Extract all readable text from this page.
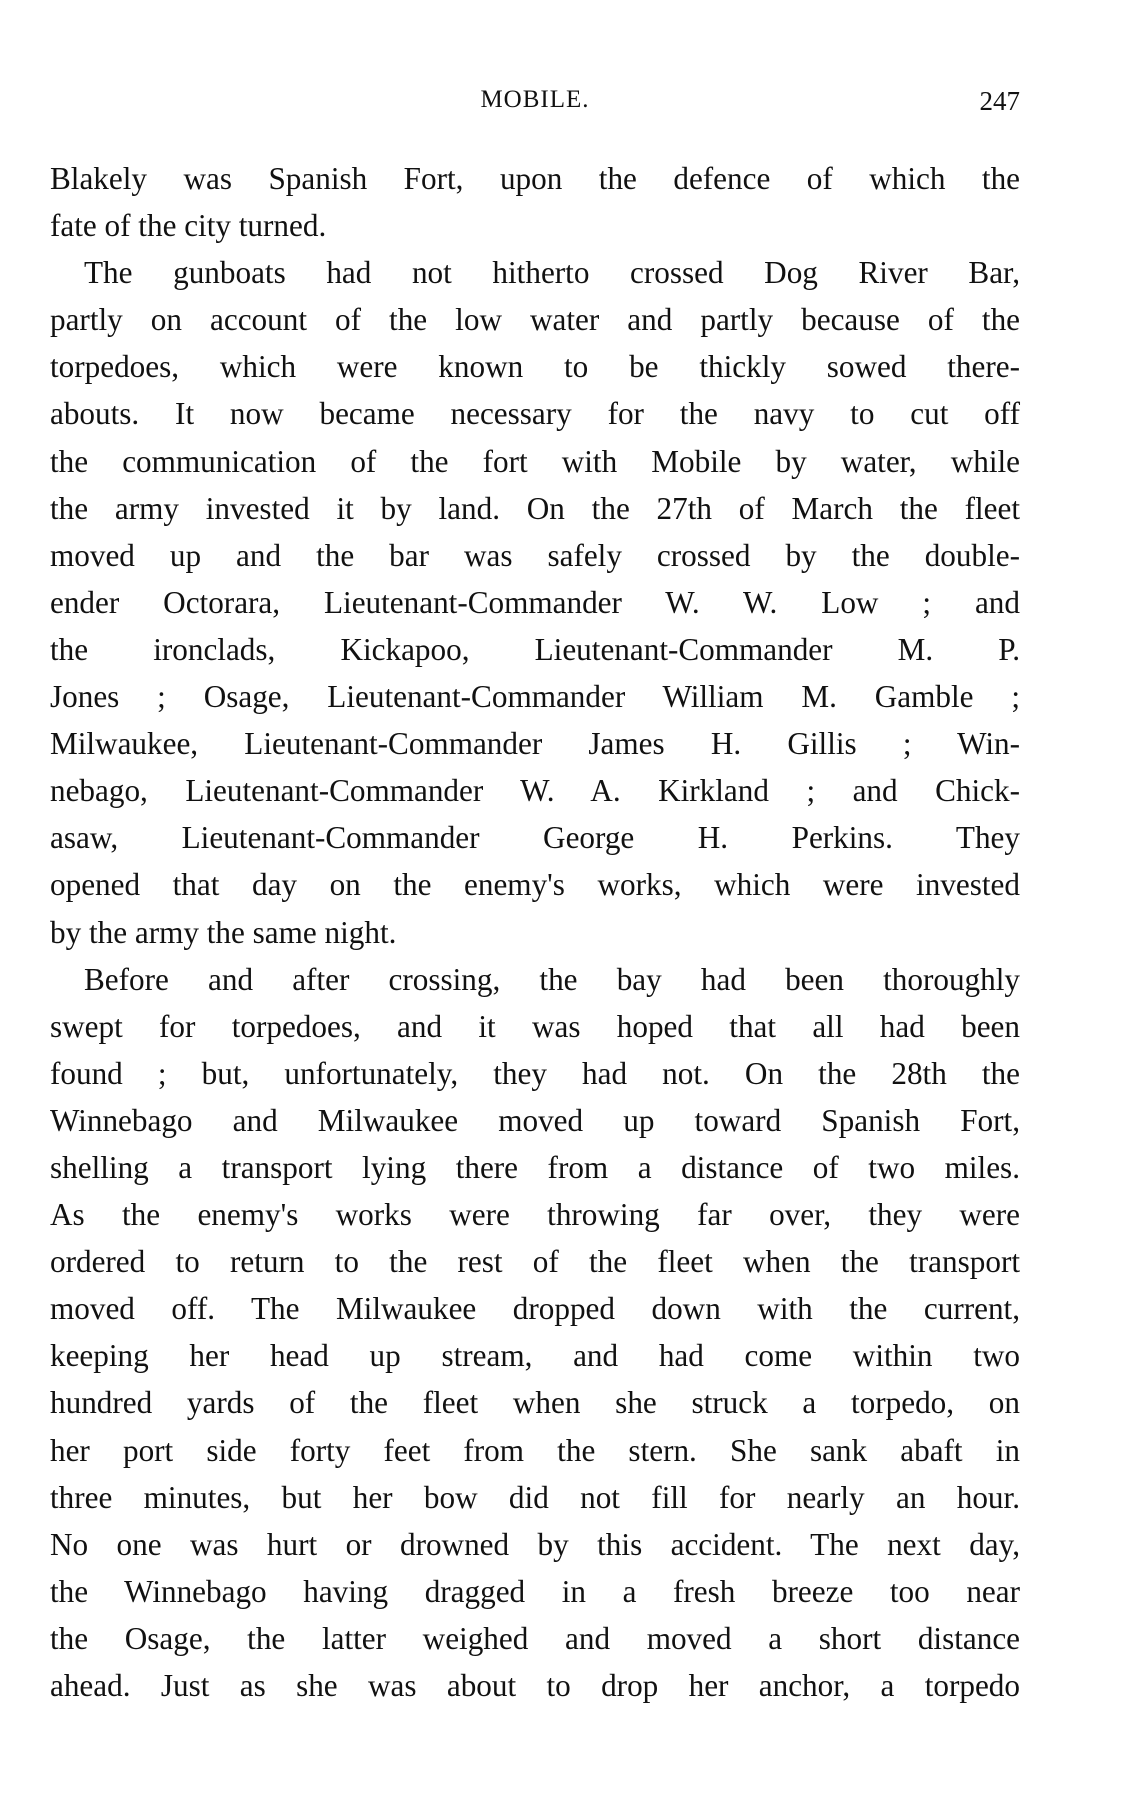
MOBILE.	247
Blakely was Spanish Fort, upon the defence of which the
fate of the city turned.
The gunboats had not hitherto crossed Dog River Bar,
partly on account of the low water and partly because of the
torpedoes, which were known to be thickly sowed there-
abouts. It now became necessary for the navy to cut off
the communication of the fort with Mobile by water, while
the army invested it by land. On the 27th of March the fleet
moved up and the bar was safely crossed by the double-
ender Octorara, Lieutenant-Commander W. W. Low ; and
the ironclads, Kickapoo, Lieutenant-Commander M. P.
Jones ; Osage, Lieutenant-Commander William M. Gamble ;
Milwaukee, Lieutenant-Commander James H. Gillis ; Win-
nebago, Lieutenant-Commander W. A. Kirkland ; and Chick-
asaw, Lieutenant-Commander George H. Perkins. They
opened that day on the enemy's works, which were invested
by the army the same night.
Before and after crossing, the bay had been thoroughly
swept for torpedoes, and it was hoped that all had been
found ; but, unfortunately, they had not. On the 28th the
Winnebago and Milwaukee moved up toward Spanish Fort,
shelling a transport lying there from a distance of two miles.
As the enemy's works were throwing far over, they were
ordered to return to the rest of the fleet when the transport
moved off. The Milwaukee dropped down with the current,
keeping her head up stream, and had come within two
hundred yards of the fleet when she struck a torpedo, on
her port side forty feet from the stern. She sank abaft in
three minutes, but her bow did not fill for nearly an hour.
No one was hurt or drowned by this accident. The next day,
the Winnebago having dragged in a fresh breeze too near
the Osage, the latter weighed and moved a short distance
ahead. Just as she was about to drop her anchor, a torpedo
